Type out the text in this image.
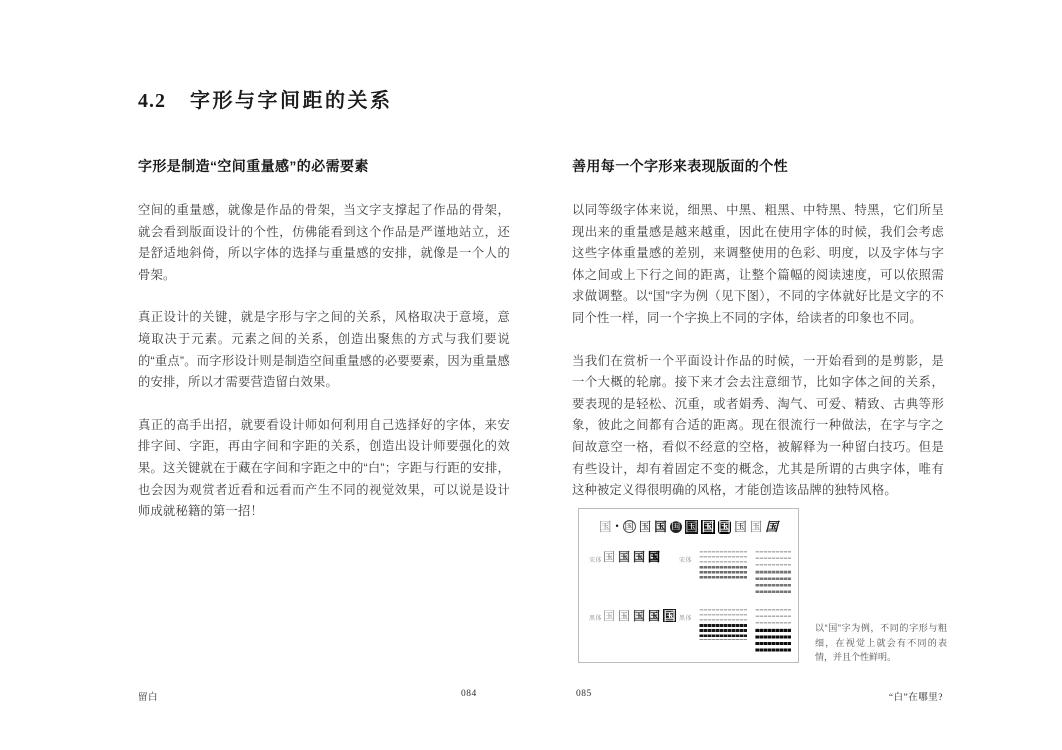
4.2 字形与字间距的关系
字形是制造“空间重量感”的必需要素

空间的重量感，就像是作品的骨架，当文字支撑起了作品的骨架，就会看到版面设计的个性，仿佛能看到这个作品是严谨地站立，还是舒适地斜倚，所以字体的选择与重量感的安排，就像是一个人的骨架。

真正设计的关键，就是字形与字之间的关系，风格取决于意境，意境取决于元素。元素之间的关系，创造出聚焦的方式与我们要说的“重点”。而字形设计则是制造空间重量感的必要要素，因为重量感的安排，所以才需要营造留白效果。

真正的高手出招，就要看设计师如何利用自己选择好的字体，来安排字间、字距，再由字间和字距的关系，创造出设计师要强化的效果。这关键就在于藏在字间和字距之中的“白”；字距与行距的安排，也会因为观赏者近看和远看而产生不同的视觉效果，可以说是设计师成就秘籍的第一招！

善用每一个字形来表现版面的个性

以同等级字体来说，细黑、中黑、粗黑、中特黑、特黑，它们所呈现出来的重量感是越来越重，因此在使用字体的时候，我们会考虑这些字体重量感的差别，来调整使用的色彩、明度，以及字体与字体之间或上下行之间的距离，让整个篇幅的阅读速度，可以依照需求做调整。以“国”字为例（见下图），不同的字体就好比是文字的不同个性一样，同一个字换上不同的字体，给读者的印象也不同。

当我们在赏析一个平面设计作品的时候，一开始看到的是剪影，是一个大概的轮廓。接下来才会去注意细节，比如字体之间的关系，要表现的是轻松、沉重，或者娟秀、淘气、可爱、精致、古典等形象，彼此之间都有合适的距离。现在很流行一种做法，在字与字之间故意空一格，看似不经意的空格，被解释为一种留白技巧。但是有些设计，却有着固定不变的概念，尤其是所谓的古典字体，唯有这种被定义得很明确的风格，才能创造该品牌的独特风格。

国 • 国 国 国 国 国 国 国 国 国 国
宋体 国 国 国 国	宋体
黑体 国 国 国 国 国 黑体
以“国”字为例，不同的字形与粗细，在视觉上就会有不同的表情，并且个性鲜明。
留白	084	085	“白”在哪里?
